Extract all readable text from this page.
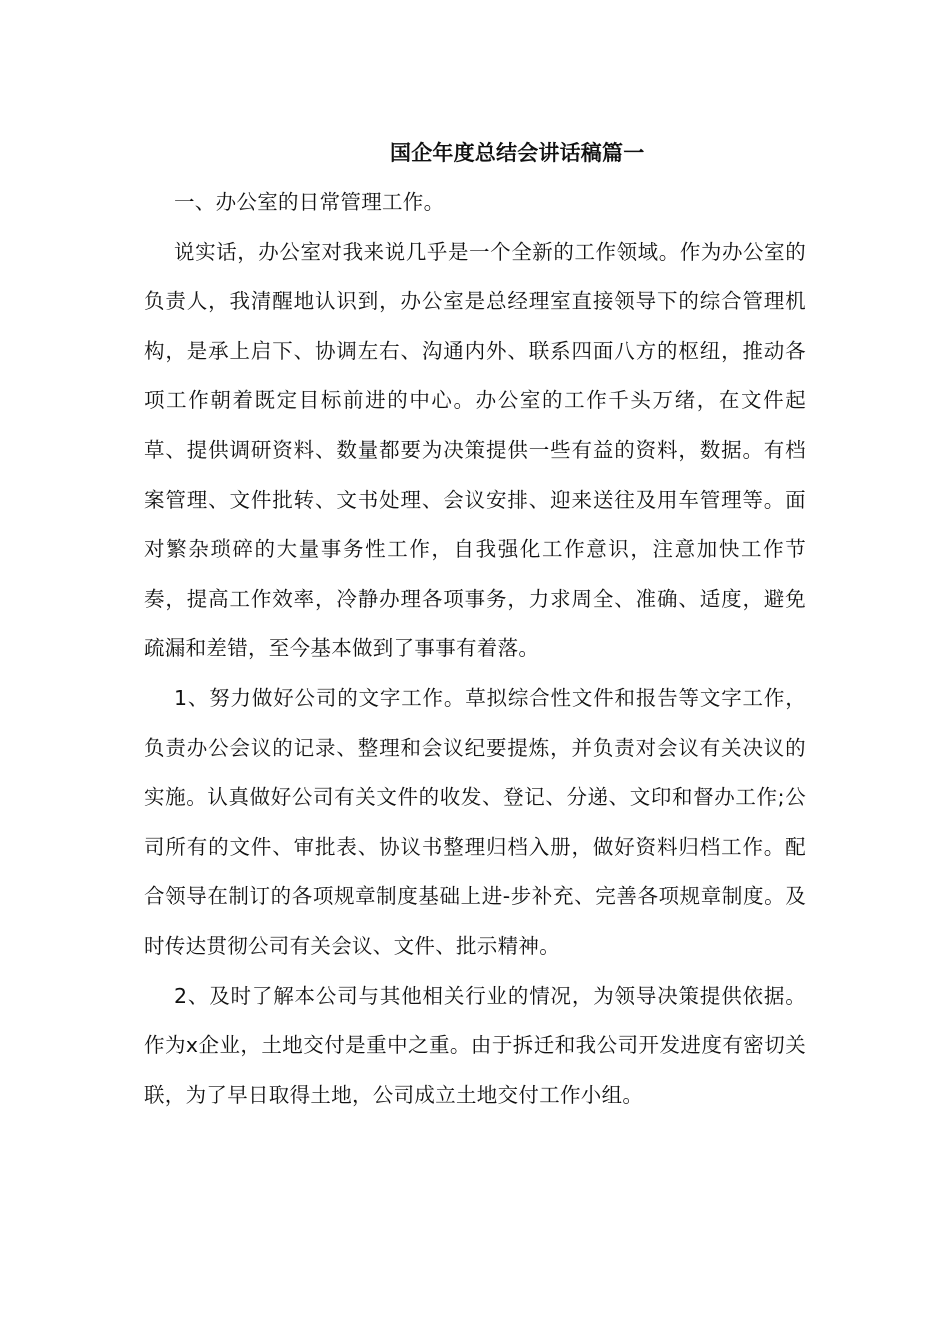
国企年度总结会讲话稿篇一

一、办公室的日常管理工作。

说实话，办公室对我来说几乎是一个全新的工作领域。作为办公室的负责人，我清醒地认识到，办公室是总经理室直接领导下的综合管理机构，是承上启下、协调左右、沟通内外、联系四面八方的枢纽，推动各项工作朝着既定目标前进的中心。办公室的工作千头万绪，在文件起草、提供调研资料、数量都要为决策提供一些有益的资料，数据。有档案管理、文件批转、文书处理、会议安排、迎来送往及用车管理等。面对繁杂琐碎的大量事务性工作，自我强化工作意识，注意加快工作节奏，提高工作效率，冷静办理各项事务，力求周全、准确、适度，避免疏漏和差错，至今基本做到了事事有着落。

1、努力做好公司的文字工作。草拟综合性文件和报告等文字工作，负责办公会议的记录、整理和会议纪要提炼，并负责对会议有关决议的实施。认真做好公司有关文件的收发、登记、分递、文印和督办工作;公司所有的文件、审批表、协议书整理归档入册，做好资料归档工作。配合领导在制订的各项规章制度基础上进-步补充、完善各项规章制度。及时传达贯彻公司有关会议、文件、批示精神。

2、及时了解本公司与其他相关行业的情况，为领导决策提供依据。作为x企业，土地交付是重中之重。由于拆迁和我公司开发进度有密切关联，为了早日取得土地，公司成立土地交付工作小组。
